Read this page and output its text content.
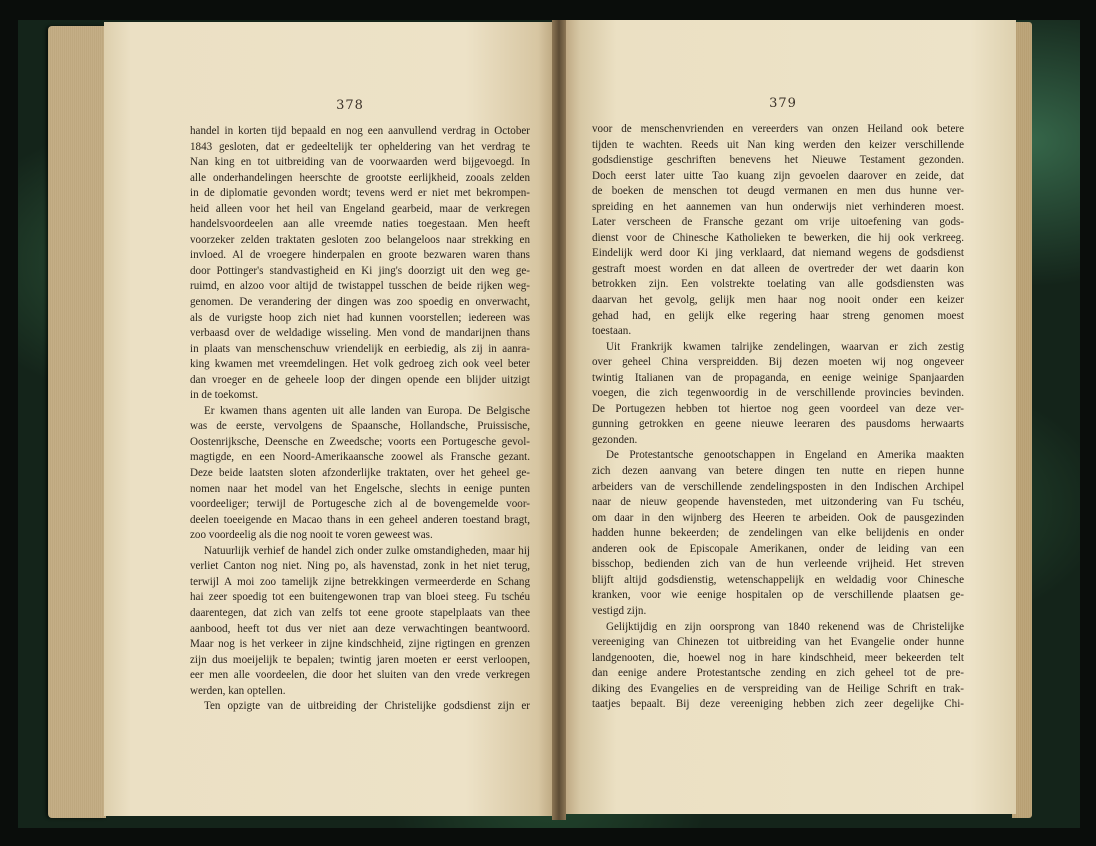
378
handel in korten tijd bepaald en nog een aanvullend verdrag in October
1843 gesloten, dat er gedeeltelijk ter opheldering van het verdrag te
Nan king en tot uitbreiding van de voorwaarden werd bijgevoegd. In
alle onderhandelingen heerschte de grootste eerlijkheid, zooals zelden
in de diplomatie gevonden wordt; tevens werd er niet met bekrompen-
heid alleen voor het heil van Engeland gearbeid, maar de verkregen
handelsvoordeelen aan alle vreemde naties toegestaan. Men heeft
voorzeker zelden traktaten gesloten zoo belangeloos naar strekking en
invloed. Al de vroegere hinderpalen en groote bezwaren waren thans
door Pottinger's standvastigheid en Ki jing's doorzigt uit den weg ge-
ruimd, en alzoo voor altijd de twistappel tusschen de beide rijken weg-
genomen. De verandering der dingen was zoo spoedig en onverwacht,
als de vurigste hoop zich niet had kunnen voorstellen; iedereen was
verbaasd over de weldadige wisseling. Men vond de mandarijnen thans
in plaats van menschenschuw vriendelijk en eerbiedig, als zij in aanra-
king kwamen met vreemdelingen. Het volk gedroeg zich ook veel beter
dan vroeger en de geheele loop der dingen opende een blijder uitzigt
in de toekomst.
Er kwamen thans agenten uit alle landen van Europa. De Belgische
was de eerste, vervolgens de Spaansche, Hollandsche, Pruissische,
Oostenrijksche, Deensche en Zweedsche; voorts een Portugesche gevol-
magtigde, en een Noord-Amerikaansche zoowel als Fransche gezant.
Deze beide laatsten sloten afzonderlijke traktaten, over het geheel ge-
nomen naar het model van het Engelsche, slechts in eenige punten
voordeeliger; terwijl de Portugesche zich al de bovengemelde voor-
deelen toeeigende en Macao thans in een geheel anderen toestand bragt,
zoo voordeelig als die nog nooit te voren geweest was.
Natuurlijk verhief de handel zich onder zulke omstandigheden, maar hij
verliet Canton nog niet. Ning po, als havenstad, zonk in het niet terug,
terwijl A moi zoo tamelijk zijne betrekkingen vermeerderde en Schang
hai zeer spoedig tot een buitengewonen trap van bloei steeg. Fu tschéu
daarentegen, dat zich van zelfs tot eene groote stapelplaats van thee
aanbood, heeft tot dus ver niet aan deze verwachtingen beantwoord.
Maar nog is het verkeer in zijne kindschheid, zijne rigtingen en grenzen
zijn dus moeijelijk te bepalen; twintig jaren moeten er eerst verloopen,
eer men alle voordeelen, die door het sluiten van den vrede verkregen
werden, kan optellen.
Ten opzigte van de uitbreiding der Christelijke godsdienst zijn er
379
voor de menschenvrienden en vereerders van onzen Heiland ook betere
tijden te wachten. Reeds uit Nan king werden den keizer verschillende
godsdienstige geschriften benevens het Nieuwe Testament gezonden.
Doch eerst later uitte Tao kuang zijn gevoelen daarover en zeide, dat
de boeken de menschen tot deugd vermanen en men dus hunne ver-
spreiding en het aannemen van hun onderwijs niet verhinderen moest.
Later verscheen de Fransche gezant om vrije uitoefening van gods-
dienst voor de Chinesche Katholieken te bewerken, die hij ook verkreeg.
Eindelijk werd door Ki jing verklaard, dat niemand wegens de godsdienst
gestraft moest worden en dat alleen de overtreder der wet daarin kon
betrokken zijn. Een volstrekte toelating van alle godsdiensten was
daarvan het gevolg, gelijk men haar nog nooit onder een keizer
gehad had, en gelijk elke regering haar streng genomen moest
toestaan.
Uit Frankrijk kwamen talrijke zendelingen, waarvan er zich zestig
over geheel China verspreidden. Bij dezen moeten wij nog ongeveer
twintig Italianen van de propaganda, en eenige weinige Spanjaarden
voegen, die zich tegenwoordig in de verschillende provincies bevinden.
De Portugezen hebben tot hiertoe nog geen voordeel van deze ver-
gunning getrokken en geene nieuwe leeraren des pausdoms herwaarts
gezonden.
De Protestantsche genootschappen in Engeland en Amerika maakten
zich dezen aanvang van betere dingen ten nutte en riepen hunne
arbeiders van de verschillende zendelingsposten in den Indischen Archipel
naar de nieuw geopende havensteden, met uitzondering van Fu tschéu,
om daar in den wijnberg des Heeren te arbeiden. Ook de pausgezinden
hadden hunne bekeerden; de zendelingen van elke belijdenis en onder
anderen ook de Episcopale Amerikanen, onder de leiding van een
bisschop, bedienden zich van de hun verleende vrijheid. Het streven
blijft altijd godsdienstig, wetenschappelijk en weldadig voor Chinesche
kranken, voor wie eenige hospitalen op de verschillende plaatsen ge-
vestigd zijn.
Gelijktijdig en zijn oorsprong van 1840 rekenend was de Christelijke
vereeniging van Chinezen tot uitbreiding van het Evangelie onder hunne
landgenooten, die, hoewel nog in hare kindschheid, meer bekeerden telt
dan eenige andere Protestantsche zending en zich geheel tot de pre-
diking des Evangelies en de verspreiding van de Heilige Schrift en trak-
taatjes bepaalt. Bij deze vereeniging hebben zich zeer degelijke Chi-
